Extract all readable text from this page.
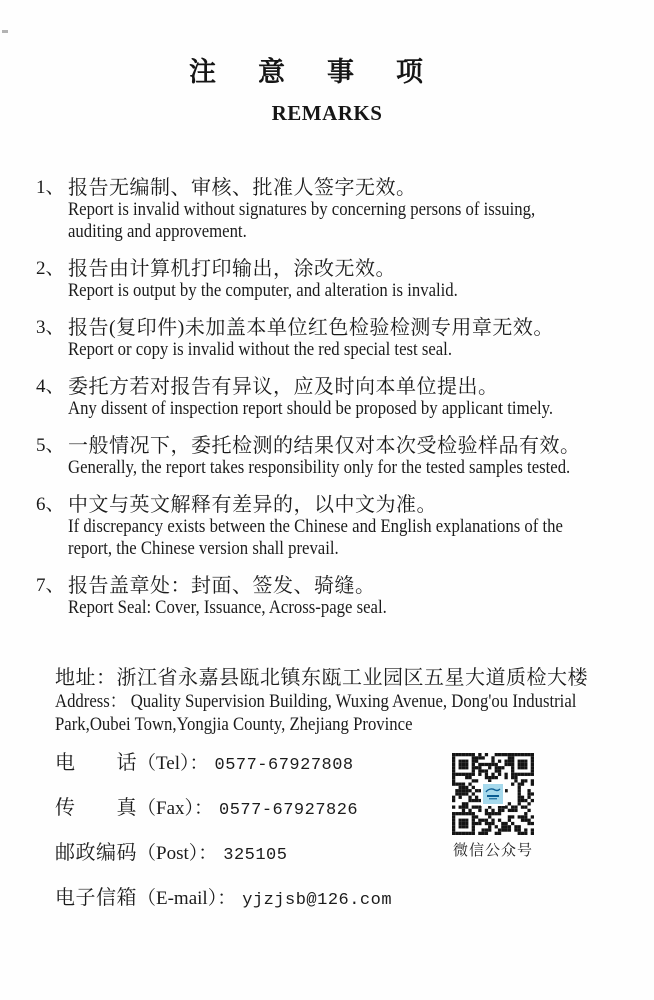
注意事项
REMARKS
1、 报告无编制、审核、批准人签字无效。
Report is invalid without signatures by concerning persons of issuing,
auditing and approvement.
2、 报告由计算机打印输出，涂改无效。
Report is output by the computer, and alteration is invalid.
3、 报告(复印件)未加盖本单位红色检验检测专用章无效。
Report or copy is invalid without the red special test seal.
4、 委托方若对报告有异议，应及时向本单位提出。
Any dissent of inspection report should be proposed by applicant timely.
5、 一般情况下，委托检测的结果仅对本次受检验样品有效。
Generally, the report takes responsibility only for the tested samples tested.
6、 中文与英文解释有差异的，以中文为准。
If discrepancy exists between the Chinese and English explanations of the
report, the Chinese version shall prevail.
7、 报告盖章处：封面、签发、骑缝。
Report Seal: Cover, Issuance, Across-page seal.
地址：浙江省永嘉县瓯北镇东瓯工业园区五星大道质检大楼
Address： Quality Supervision Building, Wuxing Avenue, Dong'ou Industrial
Park,Oubei Town,Yongjia County, Zhejiang Province
电　　话（Tel）： 0577-67927808
传　　真（Fax）： 0577-67927826
邮政编码（Post）： 325105
电子信箱（E-mail）： yjzjsb@126.com
微信公众号
